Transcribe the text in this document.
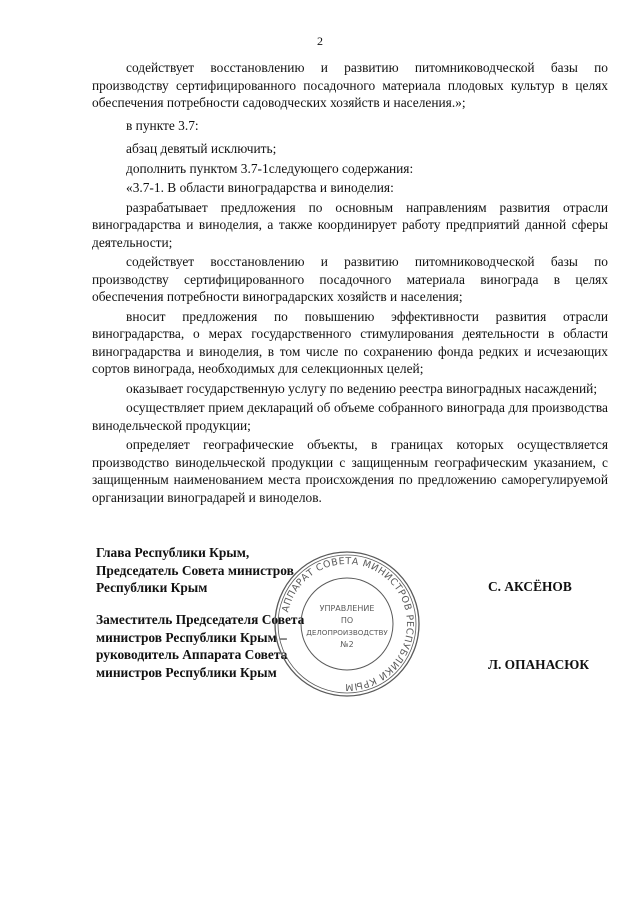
2

содействует восстановлению и развитию питомниководческой базы по производству сертифицированного посадочного материала плодовых культур в целях обеспечения потребности садоводческих хозяйств и населения.»;

в пункте 3.7:

абзац девятый исключить;

дополнить пунктом 3.7-1следующего содержания:

«3.7-1. В области виноградарства и виноделия:

разрабатывает предложения по основным направлениям развития отрасли виноградарства и виноделия, а также координирует работу предприятий данной сферы деятельности;

содействует восстановлению и развитию питомниководческой базы по производству сертифицированного посадочного материала винограда в целях обеспечения потребности виноградарских хозяйств и населения;

вносит предложения по повышению эффективности развития отрасли виноградарства, о мерах государственного стимулирования деятельности в области виноградарства и виноделия, в том числе по сохранению фонда редких и исчезающих сортов винограда, необходимых для селекционных целей;

оказывает государственную услугу по ведению реестра виноградных насаждений;

осуществляет прием деклараций об объеме собранного винограда для производства винодельческой продукции;

определяет географические объекты, в границах которых осуществляется производство винодельческой продукции с защищенным географическим указанием, с защищенным наименованием места происхождения по предложению саморегулируемой организации виноградарей и виноделов.

Глава Республики Крым,
Председатель Совета министров
Республики Крым	С. АКСЁНОВ
Заместитель Председателя Совета
министров Республики Крым –
руководитель Аппарата Совета
министров Республики Крым	Л. ОПАНАСЮК
АППАРАТ СОВЕТА МИНИСТРОВ РЕСПУБЛИКИ КРЫМ
УПРАВЛЕНИЕ
ПО
ДЕЛОПРОИЗВОДСТВУ
№2
